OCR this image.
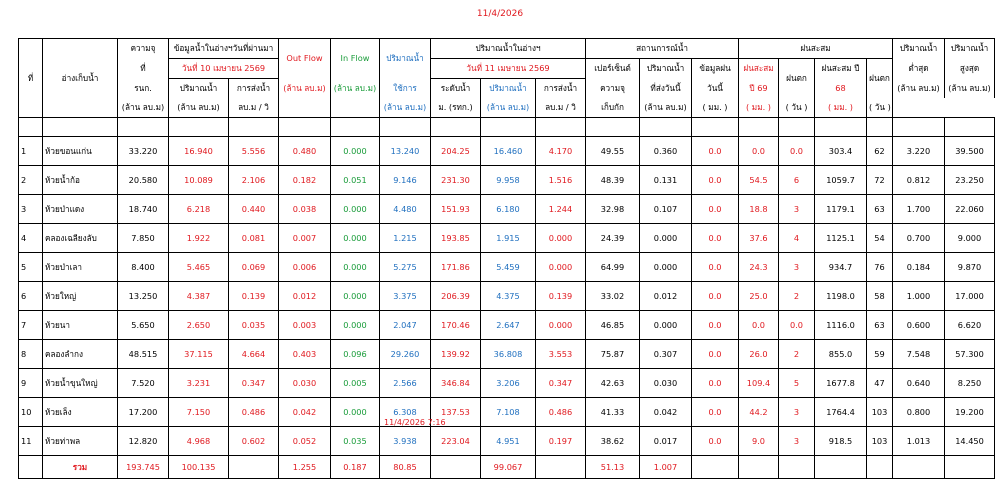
11/4/2026
ที่	อ่างเก็บน้ำ	ความจุ	ข้อมูลน้ำในอ่างฯวันที่ผ่านมา		Out Flow	In Flow	ปริมาณน้ำ	ปริมาณน้ำในอ่างฯ			สถานการณ์น้ำ			ฝนสะสม				ปริมาณน้ำ	ปริมาณน้ำ
		ที่	วันที่ 10 เมษายน 2569					วันที่ 11 เมษายน 2569			เปอร์เซ็นต์	ปริมาณน้ำ	ข้อมูลฝน	ฝนสะสม	ฝนตก	ฝนสะสม ปี	ฝนตก	ต่ำสุด	สูงสุด
		รนก.	ปริมาณน้ำ	การส่งน้ำ	(ล้าน ลบ.ม)	(ล้าน ลบ.ม)	ใช้การ	ระดับน้ำ	ปริมาณน้ำ	การส่งน้ำ	ความจุ	ที่ส่งวันนี้	วันนี้	ปี 69		68		(ล้าน ลบ.ม)	(ล้าน ลบ.ม)
		(ล้าน ลบ.ม)	(ล้าน ลบ.ม)	ลบ.ม / วิ			(ล้าน ลบ.ม)	ม. (รทก.)	(ล้าน ลบ.ม)	ลบ.ม / วิ	เก็บกัก	(ล้าน ลบ.ม)	( มม. )	( มม. )	( วัน )	( มม. )	( วัน )	

1	ห้วยขอนแก่น	33.220	16.940	5.556	0.480	0.000	13.240	204.25	16.460	4.170	49.55	0.360	0.0	0.0	0.0	303.4	62	3.220	39.500
2	ห้วยน้ำก้อ	20.580	10.089	2.106	0.182	0.051	9.146	231.30	9.958	1.516	48.39	0.131	0.0	54.5	6	1059.7	72	0.812	23.250
3	ห้วยป่าแดง	18.740	6.218	0.440	0.038	0.000	4.480	151.93	6.180	1.244	32.98	0.107	0.0	18.8	3	1179.1	63	1.700	22.060
4	คลองเฉลียงลับ	7.850	1.922	0.081	0.007	0.000	1.215	193.85	1.915	0.000	24.39	0.000	0.0	37.6	4	1125.1	54	0.700	9.000
5	ห้วยป่าเลา	8.400	5.465	0.069	0.006	0.000	5.275	171.86	5.459	0.000	64.99	0.000	0.0	24.3	3	934.7	76	0.184	9.870
6	ห้วยใหญ่	13.250	4.387	0.139	0.012	0.000	3.375	206.39	4.375	0.139	33.02	0.012	0.0	25.0	2	1198.0	58	1.000	17.000
7	ห้วยนา	5.650	2.650	0.035	0.003	0.000	2.047	170.46	2.647	0.000	46.85	0.000	0.0	0.0	0.0	1116.0	63	0.600	6.620
8	คลองลำกง	48.515	37.115	4.664	0.403	0.096	29.260	139.92	36.808	3.553	75.87	0.307	0.0	26.0	2	855.0	59	7.548	57.300
9	ห้วยน้ำขุนใหญ่	7.520	3.231	0.347	0.030	0.005	2.566	346.84	3.206	0.347	42.63	0.030	0.0	109.4	5	1677.8	47	0.640	8.250
10	ห้วยเล็ง	17.200	7.150	0.486	0.042	0.000	6.308	137.53	7.108	0.486	41.33	0.042	0.0	44.2	3	1764.4	103	0.800	19.200
11	ห้วยท่าพล	12.820	4.968	0.602	0.052	0.035	3.938	223.04	4.951	0.197	38.62	0.017	0.0	9.0	3	918.5	103	1.013	14.450
	รวม	193.745	100.135		1.255	0.187	80.85		99.067		51.13	1.007							
11/4/2026 7:16
